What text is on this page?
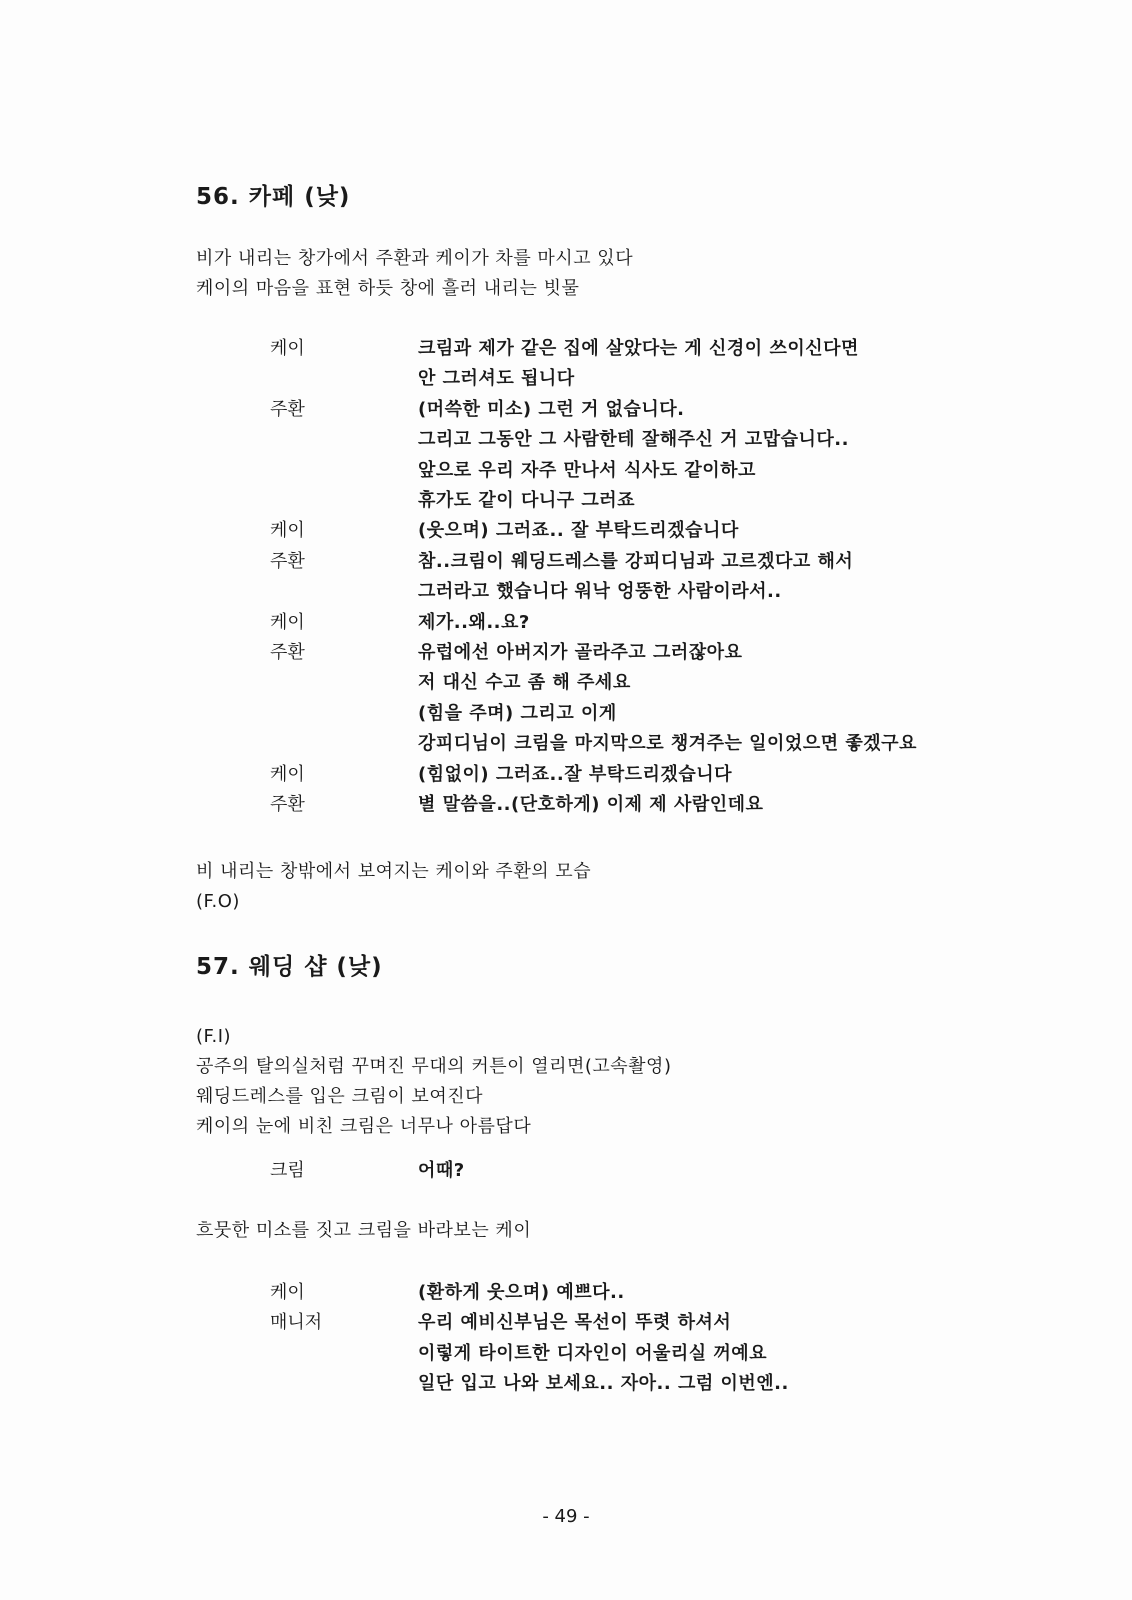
56. 카페 (낮)
비가 내리는 창가에서 주환과 케이가 차를 마시고 있다
케이의 마음을 표현 하듯 창에 흘러 내리는 빗물
케이	크림과 제가 같은 집에 살았다는 게 신경이 쓰이신다면
안 그러셔도 됩니다
주환	(머쓱한 미소) 그런 거 없습니다.
그리고 그동안 그 사람한테 잘해주신 거 고맙습니다..
앞으로 우리 자주 만나서 식사도 같이하고
휴가도 같이 다니구 그러죠
케이	(웃으며) 그러죠.. 잘 부탁드리겠습니다
주환	참..크림이 웨딩드레스를 강피디님과 고르겠다고 해서
그러라고 했습니다 워낙 엉뚱한 사람이라서..
케이	제가..왜..요?
주환	유럽에선 아버지가 골라주고 그러잖아요
저 대신 수고 좀 해 주세요
(힘을 주며) 그리고 이게
강피디님이 크림을 마지막으로 챙겨주는 일이었으면 좋겠구요
케이	(힘없이) 그러죠..잘 부탁드리겠습니다
주환	별 말씀을..(단호하게) 이제 제 사람인데요
비 내리는 창밖에서 보여지는 케이와 주환의 모습
(F.O)
57. 웨딩 샵 (낮)
(F.I)
공주의 탈의실처럼 꾸며진 무대의 커튼이 열리면(고속촬영)
웨딩드레스를 입은 크림이 보여진다
케이의 눈에 비친 크림은 너무나 아름답다
크림	어때?
흐뭇한 미소를 짓고 크림을 바라보는 케이
케이	(환하게 웃으며) 예쁘다..
매니저	우리 예비신부님은 목선이 뚜렷 하셔서
이렇게 타이트한 디자인이 어울리실 꺼예요
일단 입고 나와 보세요.. 자아.. 그럼 이번엔..
- 49 -
